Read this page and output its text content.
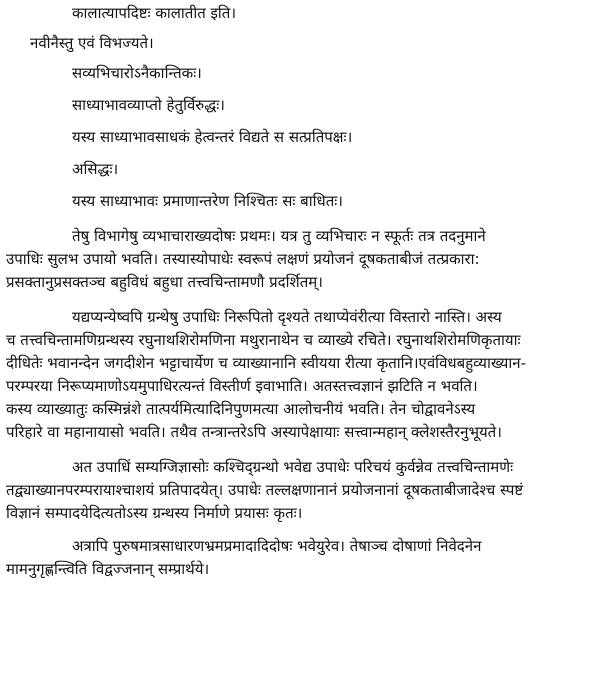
कालात्यापदिष्टः कालातीत इति।

नवीनैस्तु एवं विभज्यते।

सव्यभिचारोऽनैकान्तिकः।

साध्याभावव्याप्तो हेतुर्विरुद्धः।

यस्य साध्याभावसाधकं हेत्वन्तरं विद्यते स सत्प्रतिपक्षः।

असिद्धः।

यस्य साध्याभावः प्रमाणान्तरेण निश्चितः सः बाधितः।

तेषु विभागेषु व्यभाचाराख्यदोषः प्रथमः। यत्र तु व्यभिचारः न स्फूर्तः तत्र तदनुमाने
उपाधिः सुलभ उपायो भवति। तस्यास्योपाधेः स्वरूपं लक्षणं प्रयोजनं दूषकताबीजं तत्प्रकारा:
प्रसक्तानुप्रसक्तञ्च बहुविधं बहुधा तत्त्वचिन्तामणौ प्रदर्शितम्।
यद्यप्यन्येष्वपि ग्रन्थेषु उपाधिः निरूपितो दृश्यते तथाप्येवंरीत्या विस्तारो नास्ति। अस्य
च तत्त्वचिन्तामणिग्रन्थस्य रघुनाथशिरोमणिना मथुरानाथेन च व्याख्ये रचिते। रघुनाथशिरोमणिकृतायाः
दीधितेः भवानन्देन जगदीशेन भट्टाचार्येण च व्याख्यानानि स्वीयया रीत्या कृतानि।एवंविधबहुव्याख्यान-
परम्परया निरूप्यमाणोऽयमुपाधिरत्यन्तं विस्तीर्ण इवाभाति। अतस्तत्त्वज्ञानं झटिति न भवति।
कस्य व्याख्यातुः कस्मिन्नंशे तात्पर्यमित्यादिनिपुणमत्या आलोचनीयं भवति। तेन चोद्वावनेऽस्य
परिहारे वा महानायासो भवति। तथैव तन्त्रान्तरेऽपि अस्यापेक्षायाः सत्त्वान्महान् क्लेशस्तैरनुभूयते।
अत उपाधिं सम्यग्जिज्ञासोः कश्चिद्ग्रन्थो भवेद्य उपाधेः परिचयं कुर्वन्नेव तत्त्वचिन्तामणेः
तद्व्याख्यानपरम्परायाश्चाशयं प्रतिपादयेत्। उपाधेः तल्लक्षणानानं प्रयोजनानां दूषकताबीजादेश्च स्पष्टं
विज्ञानं सम्पादयेदित्यतोऽस्य ग्रन्थस्य निर्माणे प्रयासः कृतः।
अत्रापि पुरुषमात्रसाधारणभ्रमप्रमादादिदोषः भवेयुरेव। तेषाञ्च दोषाणां निवेदनेन
मामनुगृह्णन्त्विति विद्वज्जनान् सम्प्रार्थये।
